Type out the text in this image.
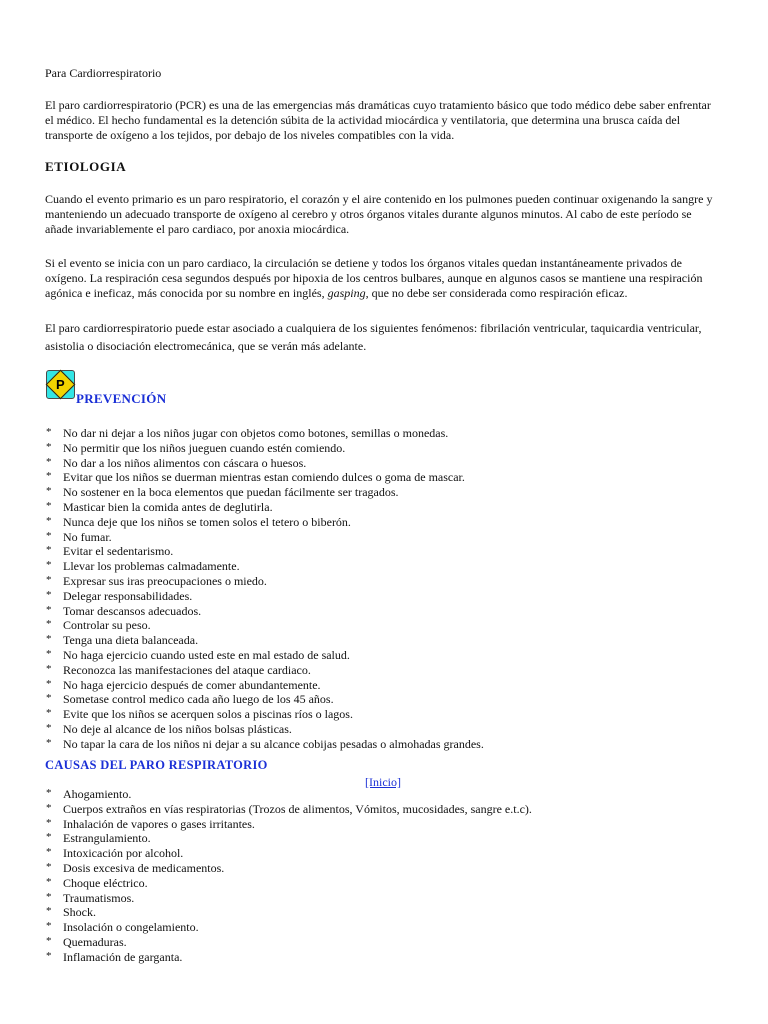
Para Cardiorrespiratorio

El paro cardiorrespiratorio (PCR) es una de las emergencias más dramáticas cuyo tratamiento básico que todo médico debe saber enfrentar el médico. El hecho fundamental es la detención súbita de la actividad miocárdica y ventilatoria, que determina una brusca caída del transporte de oxígeno a los tejidos, por debajo de los niveles compatibles con la vida.

ETIOLOGIA

Cuando el evento primario es un paro respiratorio, el corazón y el aire contenido en los pulmones pueden continuar oxigenando la sangre y manteniendo un adecuado transporte de oxígeno al cerebro y otros órganos vitales durante algunos minutos. Al cabo de este período se añade invariablemente el paro cardiaco, por anoxia miocárdica.

Si el evento se inicia con un paro cardiaco, la circulación se detiene y todos los órganos vitales quedan instantáneamente privados de oxígeno. La respiración cesa segundos después por hipoxia de los centros bulbares, aunque en algunos casos se mantiene una respiración agónica e ineficaz, más conocida por su nombre en inglés, gasping, que no debe ser considerada como respiración eficaz.

El paro cardiorrespiratorio puede estar asociado a cualquiera de los siguientes fenómenos: fibrilación ventricular, taquicardia ventricular, asistolia o disociación electromecánica, que se verán más adelante.

P
PREVENCIÓN
* No dar ni dejar a los niños jugar con objetos como botones, semillas o monedas.
* No permitir que los niños jueguen cuando estén comiendo.
* No dar a los niños alimentos con cáscara o huesos.
* Evitar que los niños se duerman mientras estan comiendo dulces o goma de mascar.
* No sostener en la boca elementos que puedan fácilmente ser tragados.
* Masticar bien la comida antes de deglutirla.
* Nunca deje que los niños se tomen solos el tetero o biberón.
* No fumar.
* Evitar el sedentarismo.
* Llevar los problemas calmadamente.
* Expresar sus iras preocupaciones o miedo.
* Delegar responsabilidades.
* Tomar descansos adecuados.
* Controlar su peso.
* Tenga una dieta balanceada.
* No haga ejercicio cuando usted este en mal estado de salud.
* Reconozca las manifestaciones del ataque cardiaco.
* No haga ejercicio después de comer abundantemente.
* Sometase control medico cada año luego de los 45 años.
* Evite que los niños se acerquen solos a piscinas ríos o lagos.
* No deje al alcance de los niños bolsas plásticas.
* No tapar la cara de los niños ni dejar a su alcance cobijas pesadas o almohadas grandes.
CAUSAS DEL PARO RESPIRATORIO
[Inicio]
* Ahogamiento.
* Cuerpos extraños en vías respiratorias (Trozos de alimentos, Vómitos, mucosidades, sangre e.t.c).
* Inhalación de vapores o gases irritantes.
* Estrangulamiento.
* Intoxicación por alcohol.
* Dosis excesiva de medicamentos.
* Choque eléctrico.
* Traumatismos.
* Shock.
* Insolación o congelamiento.
* Quemaduras.
* Inflamación de garganta.
